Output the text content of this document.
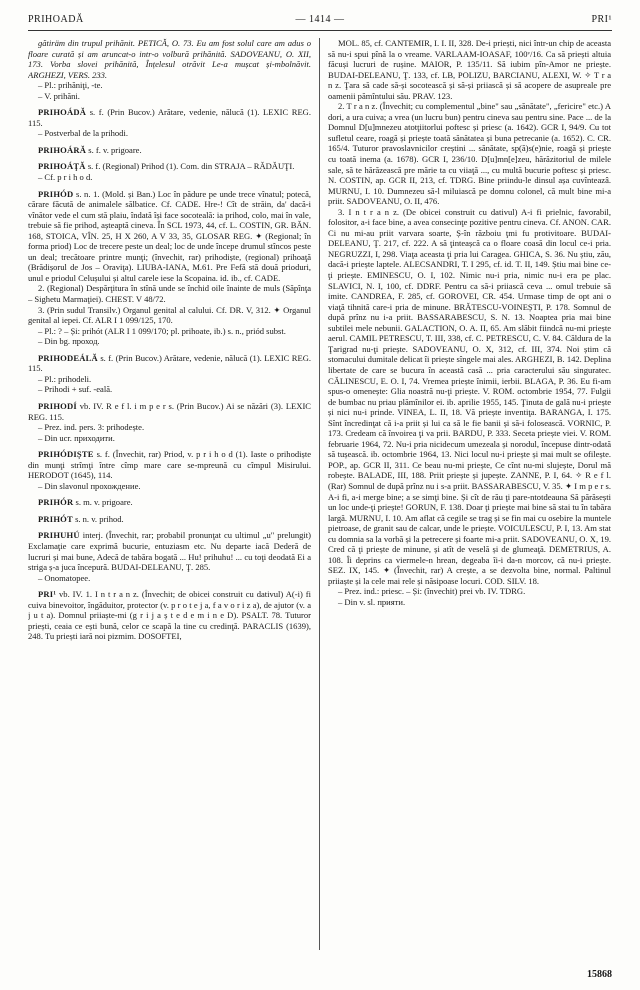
PRIHOADĂ	— 1414 —	PRI¹

gătiräm din trupul prihănit. PETICĂ, O. 73. Eu am fost solul care am adus o floare curată și am aruncat-o intr-o volbură prihănită. SADOVEANU, O. XII, 173. Vorba slovei prihănită, Înțelesul otrăvit Le-a mușcat și-mbolnăvit. ARGHEZI, VERS. 233.

– Pl.: prihăniţi, -te.
– V. prihăni.

PRIHOÁDĂ s. f. (Prin Bucov.) Arătare, vedenie, nălucă (1). LEXIC REG. 115.
– Postverbal de la prihodi.

PRIHOÁRĂ s. f. v. prigoare.

PRIHOÁŢĂ s. f. (Regional) Prihod (1). Com. din STRAJA – RĂDĂUŢI.
– Cf. p r i h o d.

PRIHÓD s. n. 1. (Mold. și Ban.) Loc în pădure pe unde trece vînatul; potecă, cărare făcută de animalele sălbatice. Cf. CADE. Hre-! Cît de străin, da' dacă-i vînător vede el cum stă plaiu, îndată își face socoteală: ia prihod, colo, mai în vale, trebuie să fie prihod, așteaptă cineva. În SCL 1973, 44, cf. L. COSTIN, GR. BĂN. 168, STOICA, VÎN. 25, H X 260, A V 33, 35, GLOSAR REG. ✦ (Regional; în forma priod) Loc de trecere peste un deal; loc de unde începe drumul stîncos peste un deal; trecătoare printre munţi; (învechit, rar) prihodiște, (regional) prihoaţă (Brădișorul de Jos – Oraviţa). LIUBA-IANA, M.61. Pre Fefă stă două prioduri, unul e priodul Celușului și altul carele iese la Scopaina. id. ib., cf. CADE.
2. (Regional) Despărţitura în stînă unde se închid oile înainte de muls (Săpînţa – Sighetu Marmaţiei). CHEST. V 48/72.
3. (Prin sudul Transilv.) Organul genital al calului. Cf. DR. V, 312. ✦ Organul genital al iepei. Cf. ALR I 1 099/125, 170.
– Pl.: ? – Și: prihót (ALR I 1 099/170; pl. prihoate, ib.) s. n., priód subst.
– Din bg. проход.

PRIHODEÁLĂ s. f. (Prin Bucov.) Arătare, vedenie, nălucă (1). LEXIC REG. 115.
– Pl.: prihodeli.
– Prihodi + suf. -eală.

PRIHODÍ vb. IV. R e f l. i m p e r s. (Prin Bucov.) Ai se năzări (3). LEXIC REG. 115.
– Prez. ind. pers. 3: prihodește.
– Din ucr. приходити.

PRIHÓDIȘTE s. f. (Învechit, rar) Priod, v. p r i h o d (1). Iaste o prihodiște din munţi strîmţi între cîmp mare care se-mpreună cu cîmpul Misirului. HERODOT (1645), 114.
– Din slavonul прохождение.

PRIHÓR s. m. v. prigoare.

PRIHÓT s. n. v. prihod.

PRIHUHÚ interj. (Învechit, rar; probabil pronunţat cu ultimul „u" prelungit) Exclamaţie care exprimă bucurie, entuziasm etc. Nu departe iacă Dederă de lucruri și mai bune, Adecă de tabăra bogată ... Hu! prihuhu! ... cu toţi deodată Ei a striga ș-a juca începură. BUDAI-DELEANU, Ţ. 285.
– Onomatopee.

PRI¹ vb. IV. 1. I n t r a n z. (Învechit; de obicei construit cu dativul) A(-i) fi cuiva binevoitor, îngăduitor, protector (v. p r o t e j a, f a v o r i z a), de ajutor (v. a j u t a). Domnul priiaște-mi (g r i j a ș t e d e m i n e D). PSALT. 78. Tuturor priești, ceaia ce ești bună, celor ce scapă la tine cu credinţă. PARACLIS (1639), 248. Tu priești iară noi pizmim. DOSOFTEI,

MOL. 85, cf. CANTEMIR, I. I. II, 328. De-i priești, nici într-un chip de aceasta să nu-i spui pînă la o vreame. VARLAAM-IOASAF, 100ᵛ/16. Ca să priești altuia făcuși lucruri de rușine. MAIOR, P. 135/11. Să iubim pîn-Amor ne priește. BUDAI-DELEANU, Ţ. 133, cf. LB, POLIZU, BARCIANU, ALEXI, W. ✧ T r a n z. Ţara să cade să-și socotească și să-și priiască și să acopere de asupreale pre oamenii pămîntului său. PRAV. 123.

2. T r a n z. (Învechit; cu complementul „bine" sau „sănătate", „fericire" etc.) A dori, a ura cuiva; a vrea (un lucru bun) pentru cineva sau pentru sine. Pace ... de la Domnul D[u]mnezeu atotţiitorlui poftesc și priesc (a. 1642). GCR I, 94/9. Cu tot sufletul ceare, roagă și priește toată sănătatea și buna petrecanie (a. 1652). C. CR. 165/4. Tuturor pravoslavnicilor creștini ... sănătate, sp(ă)s(e)nie, roagă și priește cu toată inema (a. 1678). GCR I, 236/10. D[u]mn[e]zeu, hărăzitoriul de milele sale, să te hărăzească pre mărie ta cu viiaţă ..., cu multă bucurie poftesc și priesc. N. COSTIN, ap. GCR II, 213, cf. TDRG. Bine priindu-le dinsul așa cuvînteazâ. MURNU, I. 10. Dumnezeu să-l miluiască pe domnu colonel, că mult bine mi-a priit. SADOVEANU, O. II, 476.

3. I n t r a n z. (De obicei construit cu dativul) A-i fi prielnic, favorabil, folositor, a-i face bine, a avea consecinţe pozitive pentru cineva. Cf. ANON. CAR. Ci nu mi-au priit varvara soarte, Ș-în războiu ţmi fu protivitoare. BUDAI-DELEANU, Ţ. 217, cf. 222. A să ţinteașcă ca o floare coasă din locul ce-i pria. NEGRUZZI, I, 298. Viaţa aceasta ţi pria lui Caragea. GHICA, S. 36. Nu știu, zău, dacă-i priește laptele. ALECSANDRI, T. I 295, cf. id. T. II, 149. Știu mai bine ce-ţi priește. EMINESCU, O. I, 102. Nimic nu-i pria, nimic nu-i era pe plac. SLAVICI, N. I, 100, cf. DDRF. Pentru ca să-i priiască ceva ... omul trebuie să imite. CANDREA, F. 285, cf. GOROVEI, CR. 454. Urmase timp de opt ani o viaţă tihnită care-i pria de minune. BRĂTESCU-VOINEȘTI, P. 178. Somnul de după prînz nu i-a priit. BASSARABESCU, S. N. 13. Noaptea pria mai bine subtilei mele nebunii. GALACTION, O. A. II, 65. Am slăbit fiindcă nu-mi priește aerul. CAMIL PETRESCU, T. III, 338, cf. C. PETRESCU, C. V. 84. Căldura de la Ţarigrad nu-ţi priește. SADOVEANU, O. X, 312, cf. III, 374. Noi știm că stomacului dumitale delicat îi priește sîngele mai ales. ARGHEZI, B. 142. Deplina libertate de care se bucura în această casă ... pria caracterului său singuratec. CĂLINESCU, E. O. I, 74. Vremea priește înimii, ierbii. BLAGA, P. 36. Eu fi-am spus-o omenește: Glia noastră nu-ţi priește. V. ROM. octombrie 1954, 77. Fulgii de bumbac nu priau plămînilor ei. ib. aprilie 1955, 145. Ţinuta de gală nu-i priește și nici nu-i prinde. VINEA, L. II, 18. Vă priește inventiţa. BARANGA, I. 175. Sînt încredinţat că i-a priit și lui ca să le fie banii și să-i folosească. VORNIC, P. 173. Credeam că învoirea ţi va prii. BARDU, P. 333. Seceta priește viei. V. ROM. februarie 1964, 72. Nu-i pria nicidecum umezeala și norodul, începuse dintr-odată să tușească. ib. octombrie 1964, 13. Nici locul nu-i priește și mai mult se ofilește. POP., ap. GCR II, 311. Ce beau nu-mi priește, Ce cînt nu-mi slujește, Dorul mă robește. BALADE, III, 188. Priit priește și jupește. ZANNE, P. I, 64. ✧ R e f l. (Rar) Somnul de după prînz nu i s-a priit. BASSARABESCU, V. 35. ✦ I m p e r s. A-i fi, a-i merge bine; a se simţi bine. Și cît de rău ţi pare-ntotdeauna Să părăsești un loc unde-ţi priește! GORUN, F. 138. Doar ţi priește mai bine să stai tu în tabăra largă. MURNU, I. 10. Am aflat că cegile se trag și se fin mai cu osebire la muntele pietroase, de granit sau de calcar, unde le priește. VOICULESCU, P. I, 13. Am stat cu domnia sa la vorbă și la petrecere și foarte mi-a priit. SADOVEANU, O. X, 19. Cred că ţi priește de minune, și atît de veselă și de glumeaţă. DEMETRIUS, A. 108. Îi deprins ca viermele-n hrean, degeaba îi-i da-n morcov, că nu-i priește. SEZ. IX, 145. ✦ (Învechit, rar) A crește, a se dezvolta bine, normal. Paltinul priiaște și la cele mai rele și năsipoase locuri. COD. SILV. 18.

– Prez. ind.: priesc. – Și: (învechit) prei vb. IV. TDRG.
– Din v. sl. прияти.
15868
